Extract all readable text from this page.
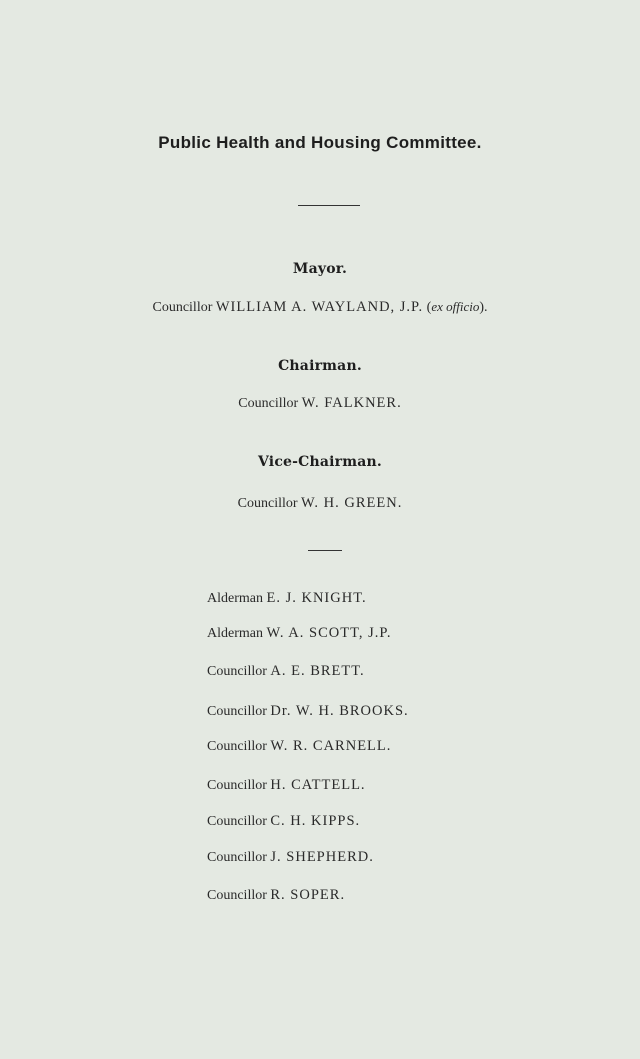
Public Health and Housing Committee.
Mayor.
Councillor WILLIAM A. WAYLAND, J.P. (ex officio).
Chairman.
Councillor W. FALKNER.
Vice-Chairman.
Councillor W. H. GREEN.
Alderman E. J. KNIGHT.
Alderman W. A. SCOTT, J.P.
Councillor A. E. BRETT.
Councillor Dr. W. H. BROOKS.
Councillor W. R. CARNELL.
Councillor H. CATTELL.
Councillor C. H. KIPPS.
Councillor J. SHEPHERD.
Councillor R. SOPER.
